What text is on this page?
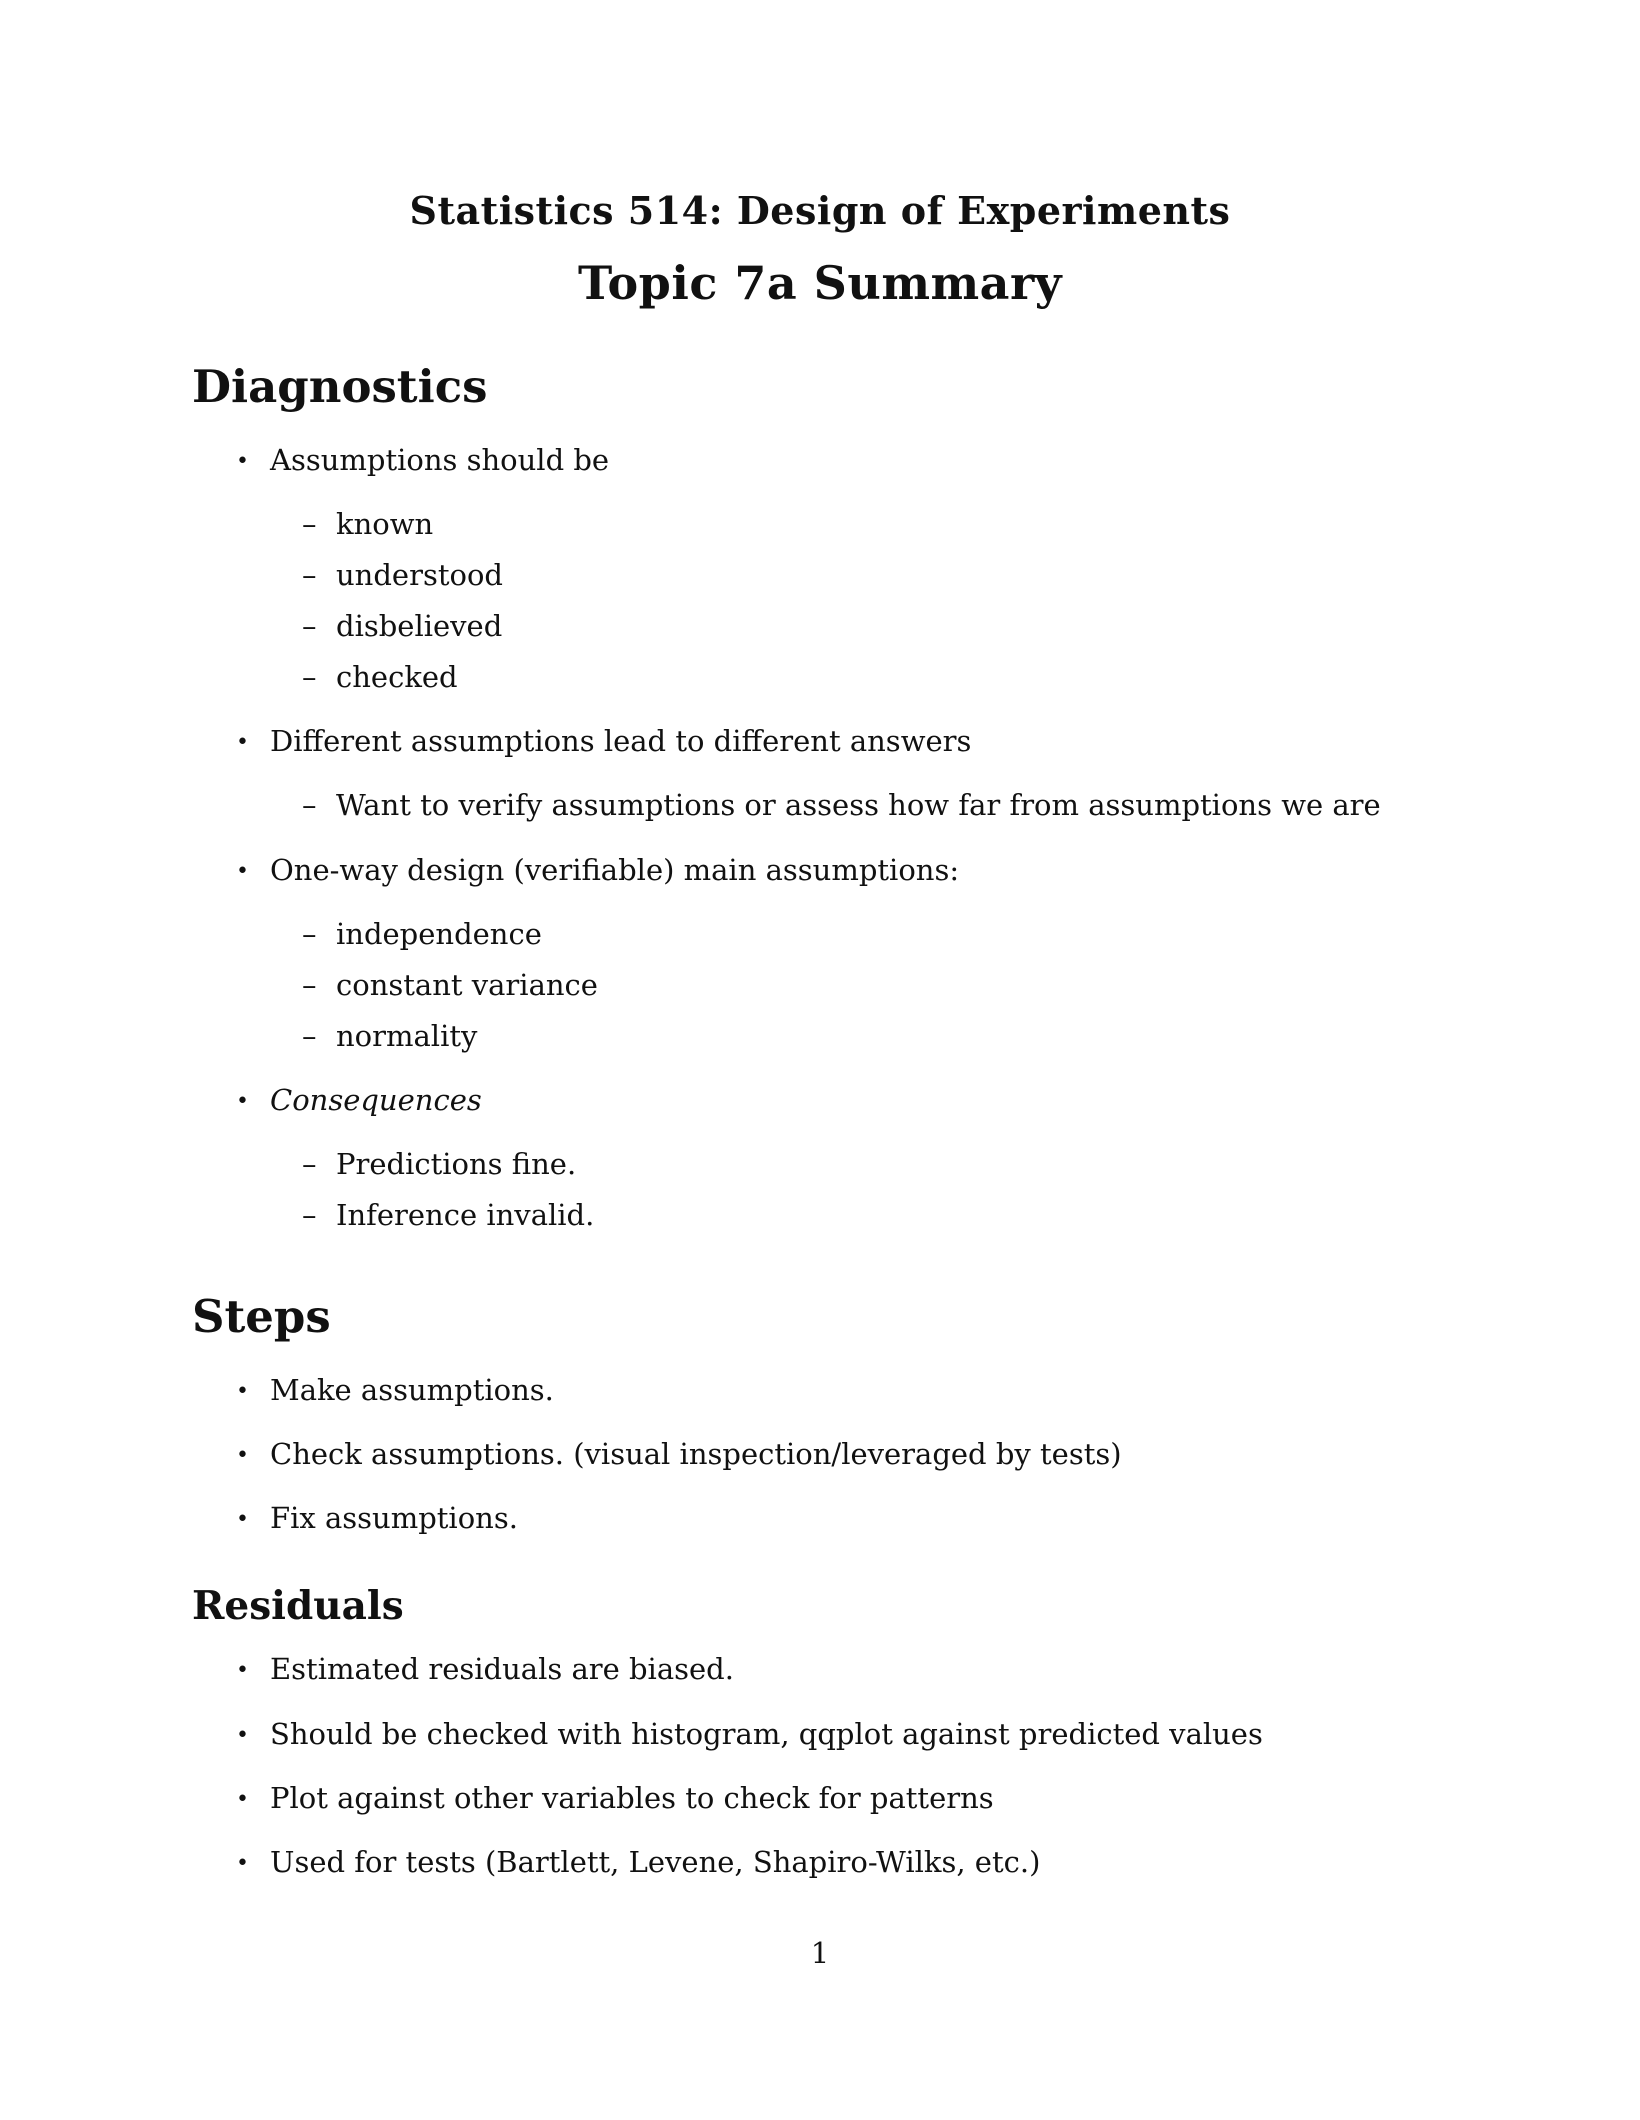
Statistics 514: Design of Experiments
Topic 7a Summary
Diagnostics
• Assumptions should be
– known
– understood
– disbelieved
– checked
• Different assumptions lead to different answers
– Want to verify assumptions or assess how far from assumptions we are
• One-way design (verifiable) main assumptions:
– independence
– constant variance
– normality
• Consequences
– Predictions fine.
– Inference invalid.
Steps
• Make assumptions.
• Check assumptions. (visual inspection/leveraged by tests)
• Fix assumptions.
Residuals
• Estimated residuals are biased.
• Should be checked with histogram, qqplot against predicted values
• Plot against other variables to check for patterns
• Used for tests (Bartlett, Levene, Shapiro-Wilks, etc.)
1
